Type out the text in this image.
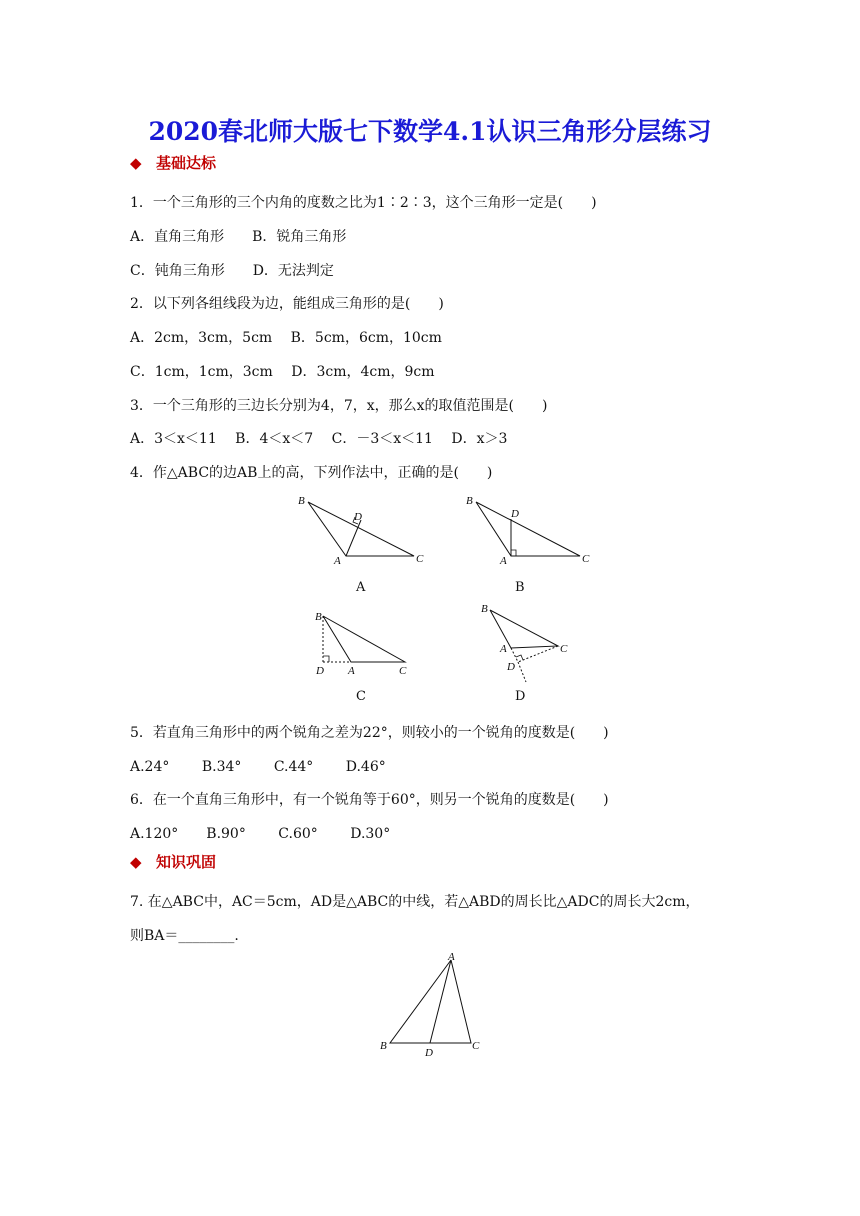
2020春北师大版七下数学4.1认识三角形分层练习
◆ 基础达标
1．一个三角形的三个内角的度数之比为1∶2∶3，这个三角形一定是(　　)
A．直角三角形　　B．锐角三角形
C．钝角三角形　　D．无法判定
2．以下列各组线段为边，能组成三角形的是(　　)
A．2cm，3cm，5cm　 B．5cm，6cm，10cm
C．1cm，1cm，3cm　 D．3cm，4cm，9cm
3．一个三角形的三边长分别为4，7，x，那么x的取值范围是(　　)
A．3＜x＜11　 B．4＜x＜7　 C．－3＜x＜11　 D．x＞3
4．作△ABC的边AB上的高，下列作法中，正确的是(　　)
B
D
A	C
A
B
D
A	C
B
B
D A	C
C
B
A	C
D
D
5．若直角三角形中的两个锐角之差为22°，则较小的一个锐角的度数是(　　)
A.24°　　 B.34°　　 C.44°　　 D.46°
6．在一个直角三角形中，有一个锐角等于60°，则另一个锐角的度数是(　　)
A.120°　　B.90°　　 C.60°　　 D.30°
◆ 知识巩固
7. 在△ABC中，AC＝5cm，AD是△ABC的中线，若△ABD的周长比△ADC的周长大2cm，
则BA＝________.
A
B
D
C
